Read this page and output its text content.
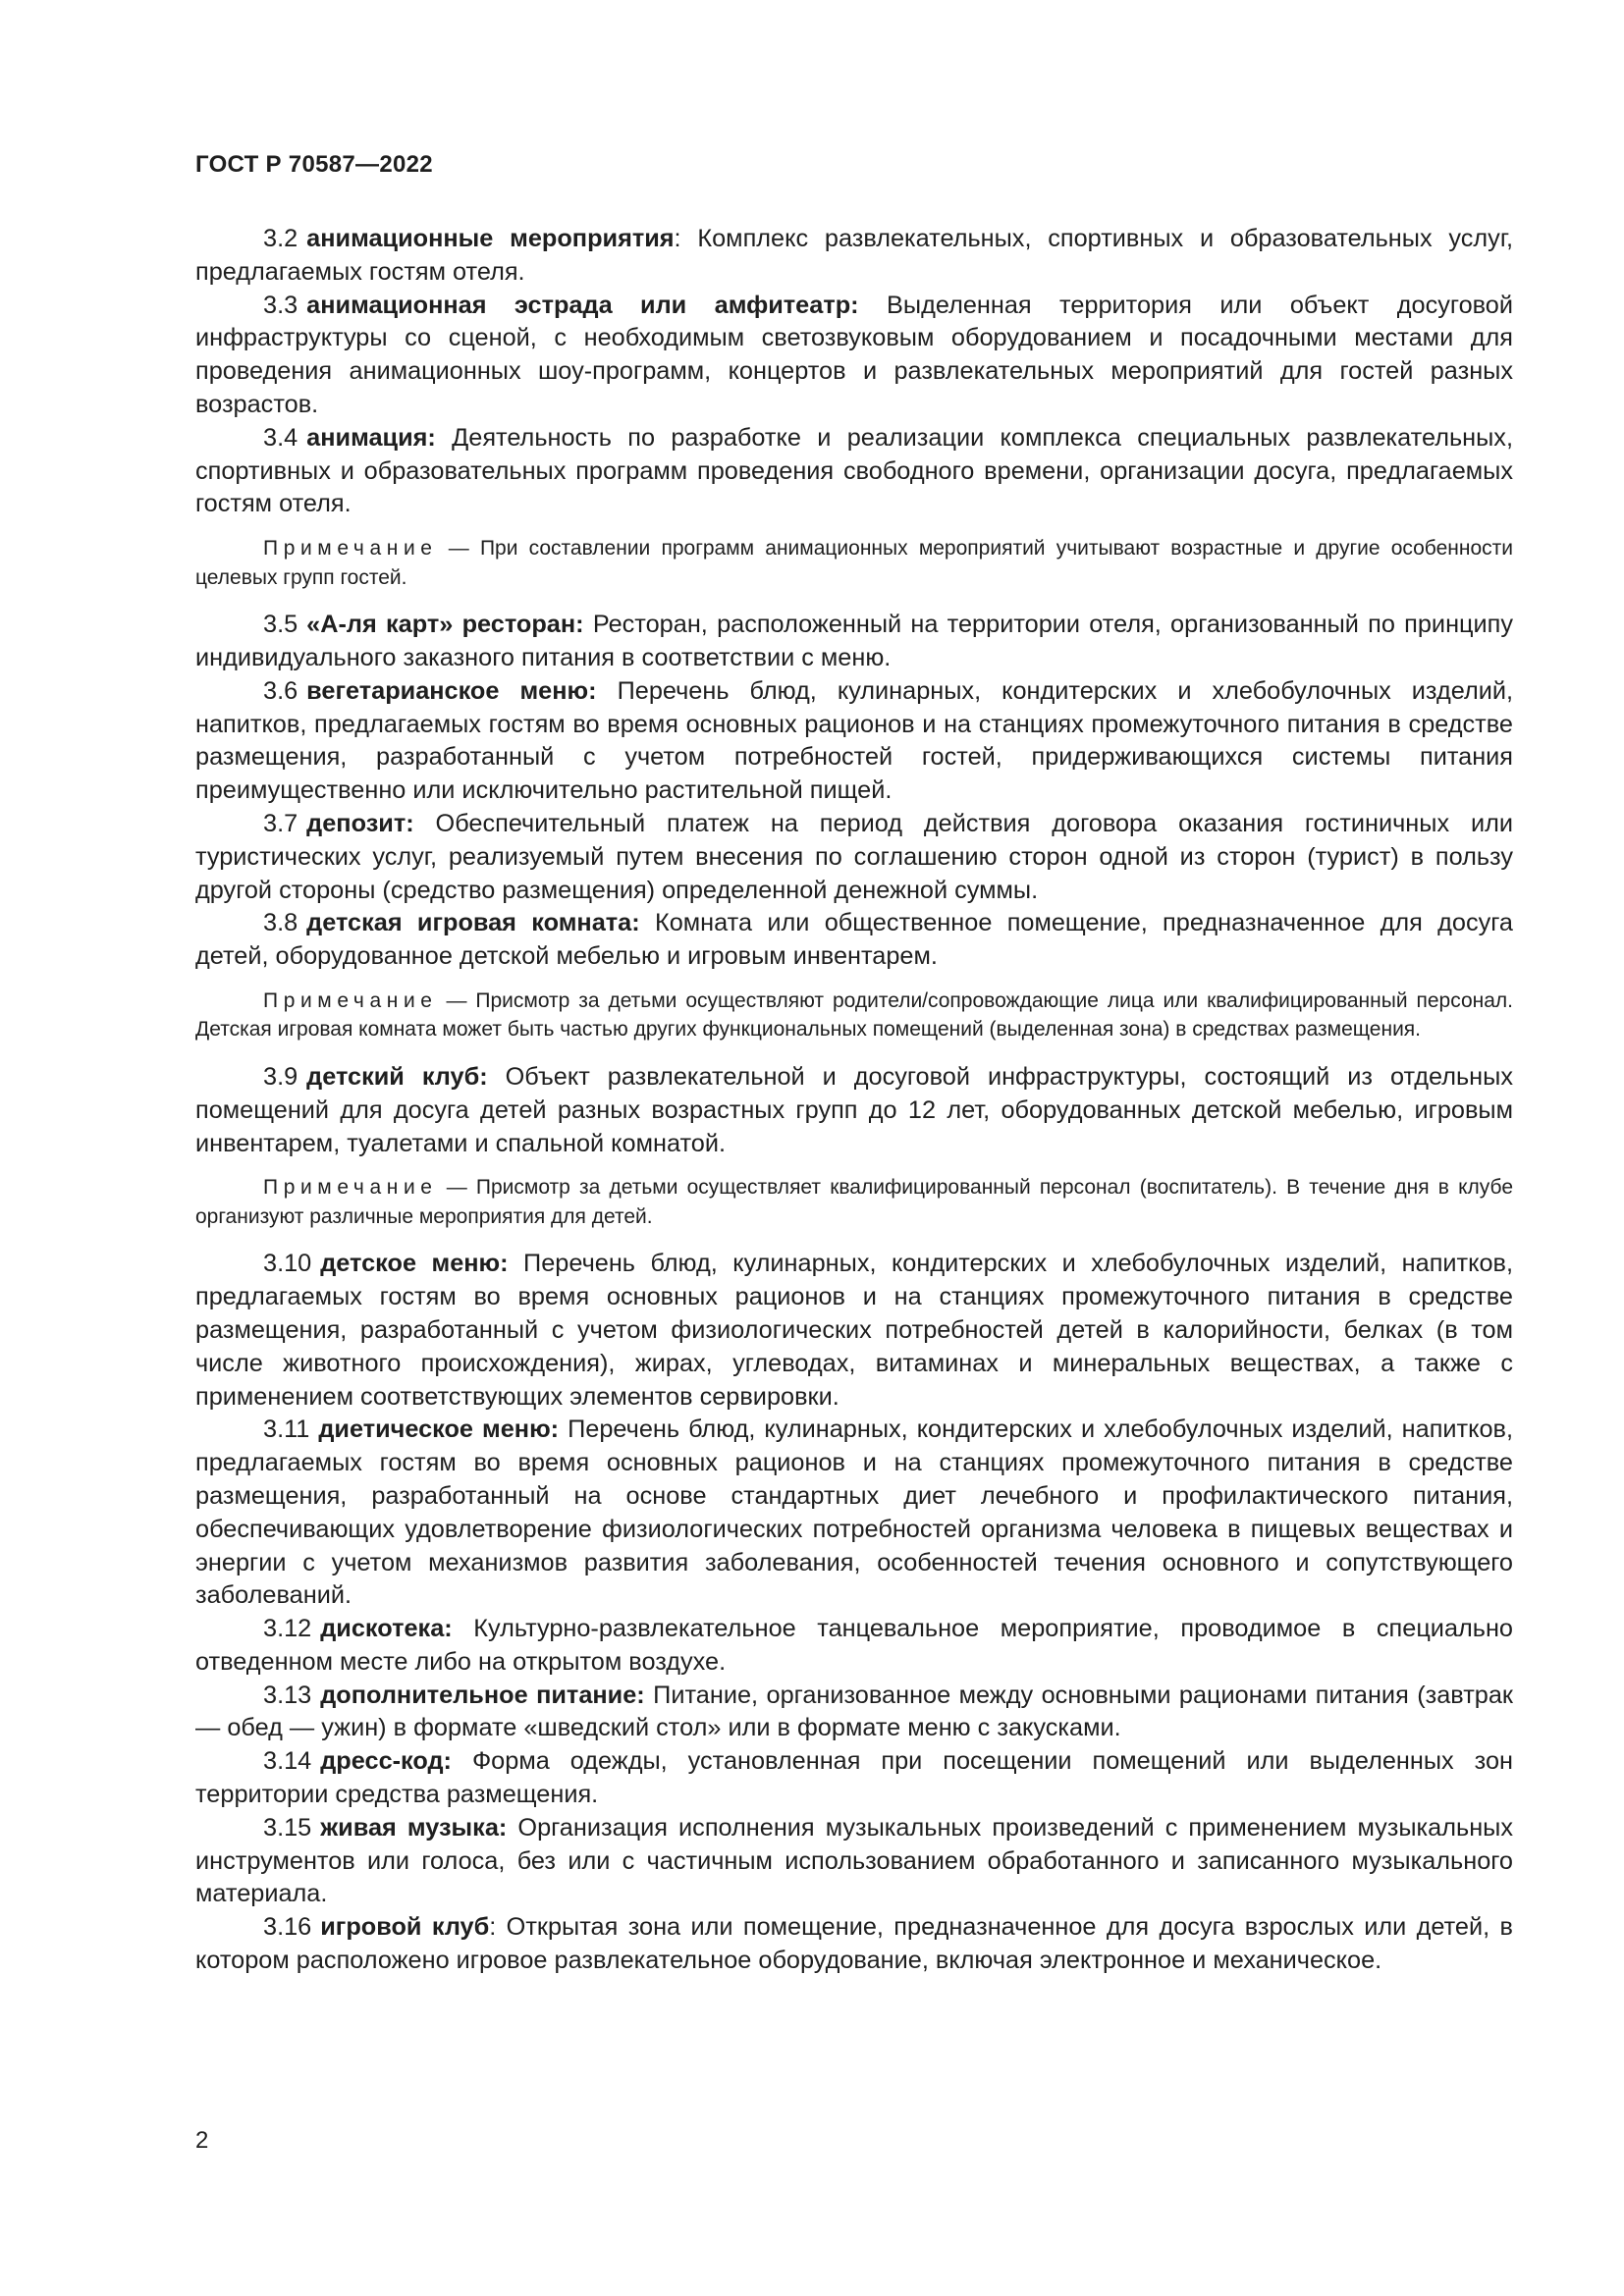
ГОСТ Р 70587—2022

3.2 анимационные мероприятия: Комплекс развлекательных, спортивных и образовательных услуг, предлагаемых гостям отеля.

3.3 анимационная эстрада или амфитеатр: Выделенная территория или объект досуговой инфраструктуры со сценой, с необходимым светозвуковым оборудованием и посадочными местами для проведения анимационных шоу-программ, концертов и развлекательных мероприятий для гостей разных возрастов.

3.4 анимация: Деятельность по разработке и реализации комплекса специальных развлекательных, спортивных и образовательных программ проведения свободного времени, организации досуга, предлагаемых гостям отеля.

Примечание — При составлении программ анимационных мероприятий учитывают возрастные и другие особенности целевых групп гостей.

3.5 «А-ля карт» ресторан: Ресторан, расположенный на территории отеля, организованный по принципу индивидуального заказного питания в соответствии с меню.

3.6 вегетарианское меню: Перечень блюд, кулинарных, кондитерских и хлебобулочных изделий, напитков, предлагаемых гостям во время основных рационов и на станциях промежуточного питания в средстве размещения, разработанный с учетом потребностей гостей, придерживающихся системы питания преимущественно или исключительно растительной пищей.

3.7 депозит: Обеспечительный платеж на период действия договора оказания гостиничных или туристических услуг, реализуемый путем внесения по соглашению сторон одной из сторон (турист) в пользу другой стороны (средство размещения) определенной денежной суммы.

3.8 детская игровая комната: Комната или общественное помещение, предназначенное для досуга детей, оборудованное детской мебелью и игровым инвентарем.

Примечание — Присмотр за детьми осуществляют родители/сопровождающие лица или квалифицированный персонал. Детская игровая комната может быть частью других функциональных помещений (выделенная зона) в средствах размещения.

3.9 детский клуб: Объект развлекательной и досуговой инфраструктуры, состоящий из отдельных помещений для досуга детей разных возрастных групп до 12 лет, оборудованных детской мебелью, игровым инвентарем, туалетами и спальной комнатой.

Примечание — Присмотр за детьми осуществляет квалифицированный персонал (воспитатель). В течение дня в клубе организуют различные мероприятия для детей.

3.10 детское меню: Перечень блюд, кулинарных, кондитерских и хлебобулочных изделий, напитков, предлагаемых гостям во время основных рационов и на станциях промежуточного питания в средстве размещения, разработанный с учетом физиологических потребностей детей в калорийности, белках (в том числе животного происхождения), жирах, углеводах, витаминах и минеральных веществах, а также с применением соответствующих элементов сервировки.

3.11 диетическое меню: Перечень блюд, кулинарных, кондитерских и хлебобулочных изделий, напитков, предлагаемых гостям во время основных рационов и на станциях промежуточного питания в средстве размещения, разработанный на основе стандартных диет лечебного и профилактического питания, обеспечивающих удовлетворение физиологических потребностей организма человека в пищевых веществах и энергии с учетом механизмов развития заболевания, особенностей течения основного и сопутствующего заболеваний.

3.12 дискотека: Культурно-развлекательное танцевальное мероприятие, проводимое в специально отведенном месте либо на открытом воздухе.

3.13 дополнительное питание: Питание, организованное между основными рационами питания (завтрак — обед — ужин) в формате «шведский стол» или в формате меню с закусками.

3.14 дресс-код: Форма одежды, установленная при посещении помещений или выделенных зон территории средства размещения.

3.15 живая музыка: Организация исполнения музыкальных произведений с применением музыкальных инструментов или голоса, без или с частичным использованием обработанного и записанного музыкального материала.

3.16 игровой клуб: Открытая зона или помещение, предназначенное для досуга взрослых или детей, в котором расположено игровое развлекательное оборудование, включая электронное и механическое.

2
